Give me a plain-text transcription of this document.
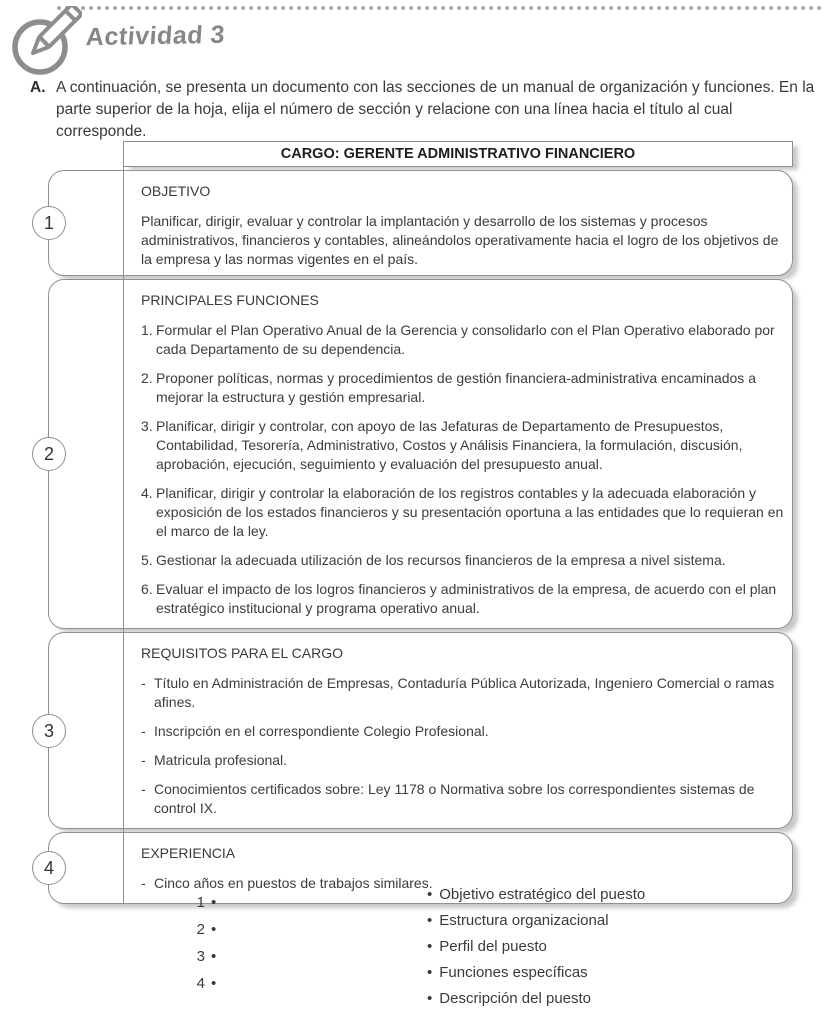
Actividad 3
A. A continuación, se presenta un documento con las secciones de un manual de organización y funciones. En la parte superior de la hoja, elija el número de sección y relacione con una línea hacia el título al cual corresponde.
CARGO: GERENTE ADMINISTRATIVO FINANCIERO
1
OBJETIVO

Planificar, dirigir, evaluar y controlar la implantación y desarrollo de los sistemas y procesos administrativos, financieros y contables, alineándolos operativamente hacia el logro de los objetivos de la empresa y las normas vigentes en el país.

2
PRINCIPALES FUNCIONES
1. Formular el Plan Operativo Anual de la Gerencia y consolidarlo con el Plan Operativo elaborado por cada Departamento de su dependencia.
2. Proponer políticas, normas y procedimientos de gestión financiera-administrativa encaminados a mejorar la estructura y gestión empresarial.
3. Planificar, dirigir y controlar, con apoyo de las Jefaturas de Departamento de Presupuestos, Contabilidad, Tesorería, Administrativo, Costos y Análisis Financiera, la formulación, discusión, aprobación, ejecución, seguimiento y evaluación del presupuesto anual.
4. Planificar, dirigir y controlar la elaboración de los registros contables y la adecuada elaboración y exposición de los estados financieros y su presentación oportuna a las entidades que lo requieran en el marco de la ley.
5. Gestionar la adecuada utilización de los recursos financieros de la empresa a nivel sistema.
6. Evaluar el impacto de los logros financieros y administrativos de la empresa, de acuerdo con el plan estratégico institucional y programa operativo anual.
3
REQUISITOS PARA EL CARGO
- Título en Administración de Empresas, Contaduría Pública Autorizada, Ingeniero Comercial o ramas afines.
- Inscripción en el correspondiente Colegio Profesional.
- Matricula profesional.
- Conocimientos certificados sobre: Ley 1178 o Normativa sobre los correspondientes sistemas de control IX.
4
EXPERIENCIA
- Cinco años en puestos de trabajos similares.
1 •
2 •
3 •
4 •
• Objetivo estratégico del puesto
• Estructura organizacional
• Perfil del puesto
• Funciones específicas
• Descripción del puesto
